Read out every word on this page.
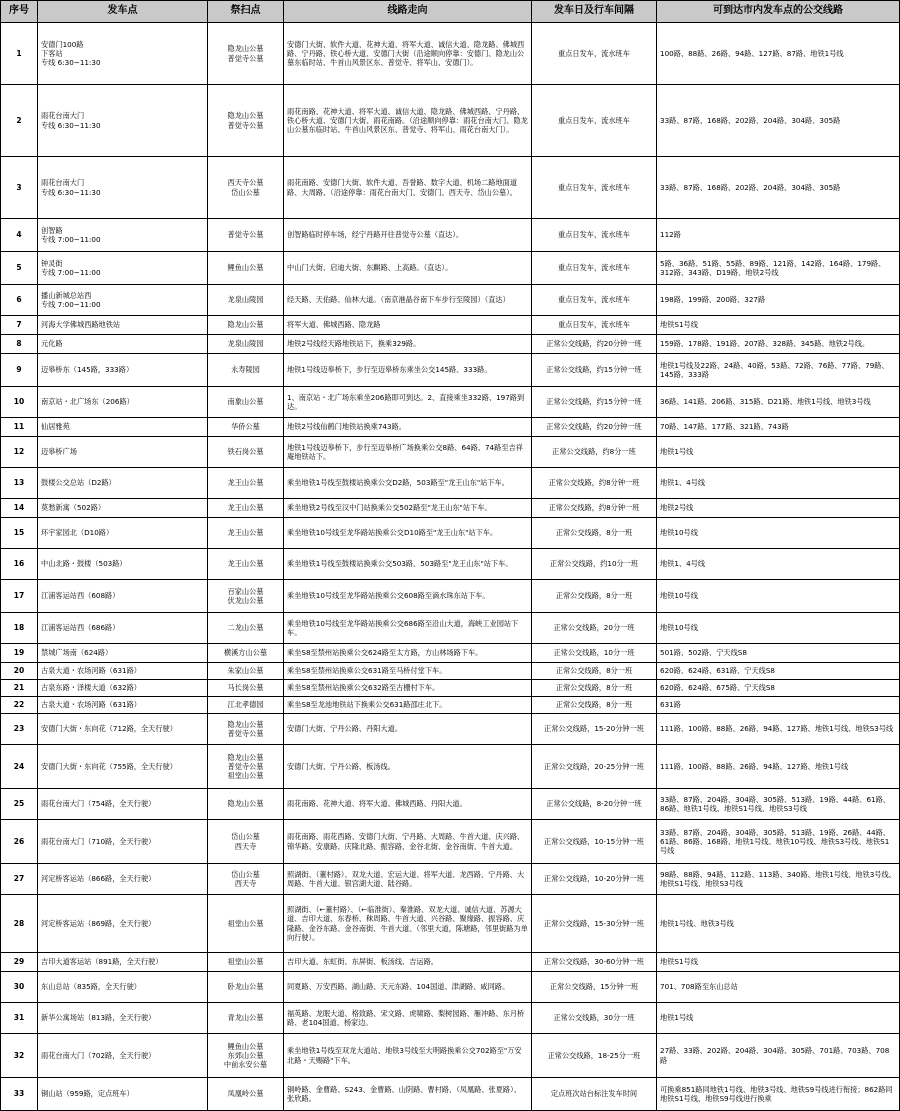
序号	发车点	祭扫点	线路走向	发车日及行车间隔	可到达市内发车点的公交线路

1	安德门100路
下客站
专线 6:30~11:30	隐龙山公墓
普觉寺公墓	安德门大街、软件大道、花神大道、将军大道、诚信大道、隐龙路、佛城西路、宁丹路、铁心桥大道、安德门大街（沿途顺向停靠：安德门、隐龙山公墓东临时站、牛首山风景区东、普觉寺、将军山、安德门）。	重点日发车，流水班车	100路、88路、26路、94路、127路、87路、地铁1号线

2	雨花台南大门
专线 6:30~11:30	隐龙山公墓
普觉寺公墓	雨花南路、花神大道、将军大道、诚信大道、隐龙路、佛城西路、宁丹路、铁心桥大道、安德门大街、雨花南路。（沿途顺向停靠：雨花台南大门、隐龙山公墓东临时站、牛首山风景区东、普觉寺、将军山、雨花台南大门）。	重点日发车，流水班车	33路、87路、168路、202路、204路、304路、305路

3	雨花台南大门
专线 6:30~11:30	西天寺公墓
岱山公墓	雨花南路、安德门大街、软件大道、吾誉路、数字大道、机场二路地面道路、大周路、（沿途停靠：雨花台南大门、安德门、西天寺、岱山公墓）。	重点日发车，流水班车	33路、87路、168路、202路、204路、304路、305路

4	创智路
专线 7:00~11:00	普觉寺公墓	创智路临时停车场，经宁丹路开往普觉寺公墓（直达）。	重点日发车，流水班车	112路

5	钟灵街
专线 7:00~11:00	鲤鱼山公墓	中山门大街、启迪大街、东麒路、上高路。（直达）。	重点日发车，流水班车	5路、36路、51路、55路、89路、121路、142路、164路、179路、312路、343路、D19路、地铁2号线

6	播山新城总站西
专线 7:00~11:00	龙泉山陵园	经天路、天佑路、仙林大道。（南京港晶谷南下车步行至陵园）（直达）	重点日发车，流水班车	198路、199路、200路、327路

7	河海大学佛城西路地铁站	隐龙山公墓	将军大道、佛城西路、隐龙路	重点日发车，流水班车	地铁S1号线

8	元化路	龙泉山陵园	地铁2号线经天路地铁站下，换乘329路。	正常公交线路，约20分钟一班	159路、178路、191路、207路、328路、345路、地铁2号线。

9	迈皋桥东（145路，333路）	永寿陵园	地铁1号线迈皋桥下，步行至迈皋桥东乘坐公交145路、333路。	正常公交线路，约15分钟一班	地铁1号线及22路、24路、40路、53路、72路、76路、77路、79路、145路、333路

10	南京站・北广场东（206路）	南象山公墓	1、南京站・北广场东乘坐206路即可到达。2、直接乘坐332路、197路到达。	正常公交线路，约15分钟一班	36路、141路、206路、315路、D21路、地铁1号线、地铁3号线

11	仙居雅苑	华侨公墓	地铁2号线仙鹤门地铁站换乘743路。	正常公交线路，约20分钟一班	70路、147路、177路、321路、743路

12	迈皋桥广场	铁石岗公墓	地铁1号线迈皋桥下，步行至迈皋桥广场换乘公交8路、64路、74路至吉祥庵地铁站下。	正常公交线路，约8分一班	地铁1号线

13	鼓楼公交总站（D2路）	龙王山公墓	乘坐地铁1号线至鼓楼站换乘公交D2路，503路至"龙王山东"站下车。	正常公交线路，约8分钟一班	地铁1、4号线

14	莫愁新寓（502路）	龙王山公墓	乘坐地铁2号线至汉中门站换乘公交502路至"龙王山东"站下车。	正常公交线路，约8分钟一班	地铁2号线

15	环宇家园北（D10路）	龙王山公墓	乘坐地铁10号线至龙华路站换乘公交D10路至"龙王山东"站下车。	正常公交线路，8分一班	地铁10号线

16	中山北路・鼓楼（503路）	龙王山公墓	乘坐地铁1号线至鼓楼站换乘公交503路、503路至"龙王山东"站下车。	正常公交线路，约10分一班	地铁1、4号线

17	江浦客运站西（608路）	百家山公墓
伏龙山公墓	乘坐地铁10号线至龙华路站换乘公交608路至滴水珠东站下车。	正常公交线路，8分一班	地铁10号线

18	江浦客运站西（686路）	二龙山公墓	乘坐地铁10号线至龙华路站换乘公交686路至沿山大道，海峡工业园站下车。	正常公交线路，20分一班	地铁10号线

19	禁城广场南（624路）	横溪方山公墓	乘坐S8至禁州站换乘公交624路至太方路，方山林场路下车。	正常公交线路，10分一班	501路、502路、宁天线S8

20	古泉大道・农场河路（631路）	朱家山公墓	乘坐S8至禁州站换乘公交631路至马桥付堂下车。	正常公交线路，8分一班	620路、624路、631路、宁天线S8

21	古泉东路・泽楼大道（632路）	马长岗公墓	乘坐S8至禁州站换乘公交632路至古栅村下车。	正常公交线路，8分一班	620路、624路、675路、宁天线S8

22	古泉大道・农场河路（631路）	江北孝德园	乘坐S8至龙池地铁站下换乘公交631路邵庄北下。	正常公交线路，8分一班	631路

23	安德门大街・东向花（712路，全天行驶）	隐龙山公墓
普觉寺公墓	安德门大街、宁丹公路、丹阳大道。	正常公交线路，15-20分钟一班	111路、100路、88路、26路、94路、127路、地铁1号线、地铁S3号线

24	安德门大街・东向花（755路，全天行驶）	隐龙山公墓
普觉寺公墓
祖堂山公墓	安德门大街、宁丹公路、板汤线。	正常公交线路，20-25分钟一班	111路、100路、88路、26路、94路、127路、地铁1号线

25	雨花台南大门（754路，全天行驶）	隐龙山公墓	雨花南路、花神大道、将军大道、佛城西路、丹阳大道。	正常公交线路，8-20分钟一班	33路、87路、204路、304路、305路、513路、19路、44路、61路、86路、地铁1号线、地铁S1号线、地铁S3号线

26	雨花台南大门（710路，全天行驶）	岱山公墓
西天寺	雨花南路、雨花西路、安德门大街、宁丹路、大周路、牛首大道、庆兴路、锦华路、安康路、庆隆北路、振容路、金谷北街、金谷南街、牛首大道。	正常公交线路，10-15分钟一班	33路、87路、204路、304路、305路、513路、19路、26路、44路、61路、86路、168路、地铁1号线、地铁10号线、地铁S3号线、地铁S1号线

27	河定桥客运站（866路，全天行驶）	岱山公墓
西天寺	照湖街、（董村路）、双龙大道、宏运大道、将军大道、龙西路、宁丹路、大周路、牛首大道、银宫湖大道、陆谷路。	正常公交线路，10-20分钟一班	98路、88路、94路、112路、113路、340路、地铁1号线、地铁3号线、地铁S1号线、地铁S3号线

28	河定桥客运站（869路，全天行驶）	祖堂山公墓	照湖街、（←董村路）、（←临淮街）、秦淮路、双龙大道、诚信大道、苏源大道、吉印大道、东春桥、秣周路、牛首大道、兴谷路、聚缘路、振容路、庆隆路、金谷东路、金谷南街、牛首大道、（邻里大道，陈塘路，邻里街路为单向行驶）。	正常公交线路，15-30分钟一班	地铁1号线、地铁3号线

29	吉印大道客运站（891路，全天行驶）	祖堂山公墓	吉印大道、东虹街、东屏街、板汤线、吉运路。	正常公交线路，30-60分钟一班	地铁S1号线

30	东山总站（835路，全天行驶）	卧龙山公墓	同夏路、万安西路、湖山路、天元东路、104国道、津湖路、咸同路。	正常公交线路，15分钟一班	701、708路至东山总站

31	新华公寓场站（813路，全天行驶）	青龙山公墓	福英路、龙眠大道、格致路、宋文路、虎啸路、梨树园路、雁冲路、东月桥路、老104国道、杨家边。	正常公交线路，30分一班	地铁1号线

32	雨花台南大门（702路，全天行驶）	鲤鱼山公墓
东郊山公墓
中前永安公墓	乘坐地铁1号线至双龙大道站、地铁3号线至大明路换乘公交702路至"万安北路・天赐路"下车。	正常公交线路，18-25分一班	27路、33路、202路、204路、304路、305路、701路、703路、708路

33	铜山站（959路，定点班车）	凤凰岭公墓	铜岭路、金曹路、S243、金曹路、山阴路、曹村路、（凤凰路、张夏路）、张欣路。	定点班次站台标注发车时间	可换乘851路同地铁1号线、地铁3号线、地铁S9号线进行衔接；862路同地铁S1号线、地铁S9号线进行换乘
